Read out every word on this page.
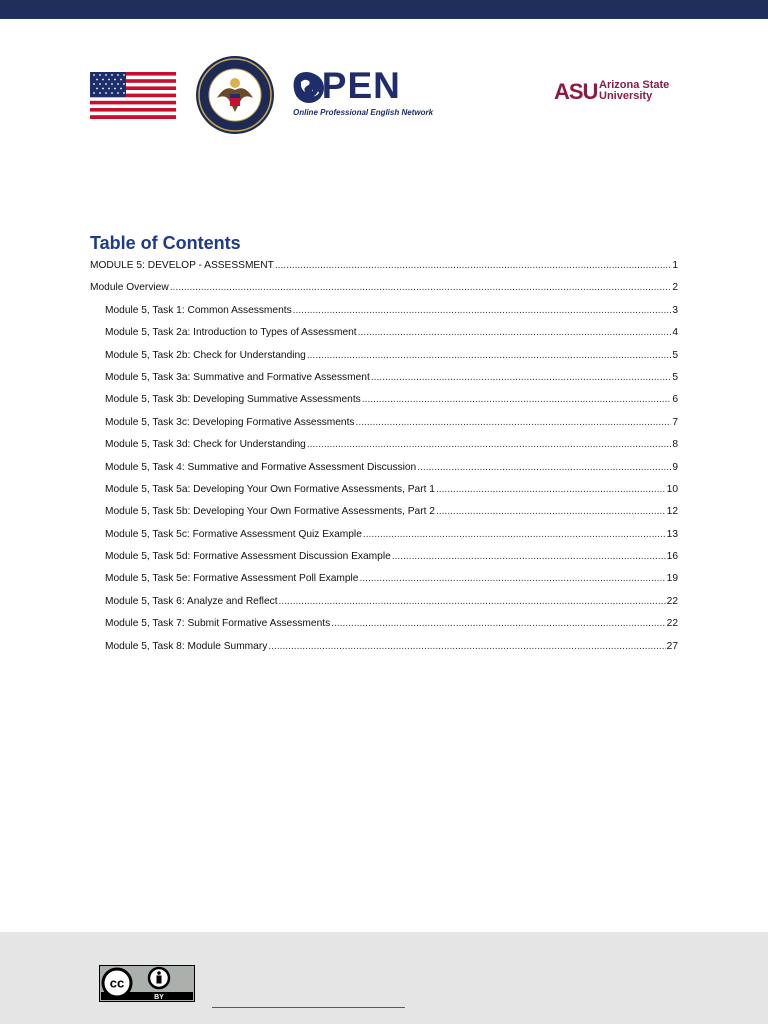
OPEN
Online Professional English Network
ASU Arizona State
University
Table of Contents
MODULE 5: DEVELOP - ASSESSMENT .....	1
Module Overview .....	2
Module 5, Task 1: Common Assessments .....	3
Module 5, Task 2a: Introduction to Types of Assessment .....	4
Module 5, Task 2b: Check for Understanding .....	5
Module 5, Task 3a: Summative and Formative Assessment .....	5
Module 5, Task 3b: Developing Summative Assessments .....	6
Module 5, Task 3c: Developing Formative Assessments .....	7
Module 5, Task 3d: Check for Understanding .....	8
Module 5, Task 4: Summative and Formative Assessment Discussion .....	9
Module 5, Task 5a: Developing Your Own Formative Assessments, Part 1 .....	10
Module 5, Task 5b: Developing Your Own Formative Assessments, Part 2 .....	12
Module 5, Task 5c: Formative Assessment Quiz Example .....	13
Module 5, Task 5d: Formative Assessment Discussion Example .....	16
Module 5, Task 5e: Formative Assessment Poll Example .....	19
Module 5, Task 6: Analyze and Reflect .....	22
Module 5, Task 7: Submit Formative Assessments .....	22
Module 5, Task 8: Module Summary .....	27
cc
BY
